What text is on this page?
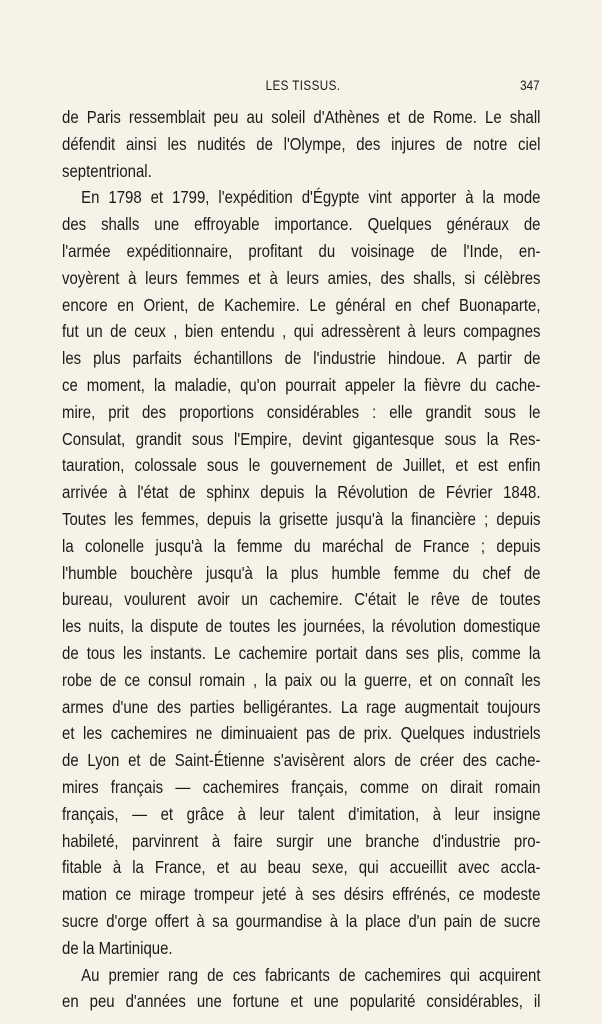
LES TISSUS.	347
de Paris ressemblait peu au soleil d'Athènes et de Rome. Le shall
défendit ainsi les nudités de l'Olympe, des injures de notre ciel
septentrional.
En 1798 et 1799, l'expédition d'Égypte vint apporter à la mode
des shalls une effroyable importance. Quelques généraux de
l'armée expéditionnaire, profitant du voisinage de l'Inde, en-
voyèrent à leurs femmes et à leurs amies, des shalls, si célèbres
encore en Orient, de Kachemire. Le général en chef Buonaparte,
fut un de ceux , bien entendu , qui adressèrent à leurs compagnes
les plus parfaits échantillons de l'industrie hindoue. A partir de
ce moment, la maladie, qu'on pourrait appeler la fièvre du cache-
mire, prit des proportions considérables : elle grandit sous le
Consulat, grandit sous l'Empire, devint gigantesque sous la Res-
tauration, colossale sous le gouvernement de Juillet, et est enfin
arrivée à l'état de sphinx depuis la Révolution de Février 1848.
Toutes les femmes, depuis la grisette jusqu'à la financière ; depuis
la colonelle jusqu'à la femme du maréchal de France ; depuis
l'humble bouchère jusqu'à la plus humble femme du chef de
bureau, voulurent avoir un cachemire. C'était le rêve de toutes
les nuits, la dispute de toutes les journées, la révolution domestique
de tous les instants. Le cachemire portait dans ses plis, comme la
robe de ce consul romain , la paix ou la guerre, et on connaît les
armes d'une des parties belligérantes. La rage augmentait toujours
et les cachemires ne diminuaient pas de prix. Quelques industriels
de Lyon et de Saint-Étienne s'avisèrent alors de créer des cache-
mires français — cachemires français, comme on dirait romain
français, — et grâce à leur talent d'imitation, à leur insigne
habileté, parvinrent à faire surgir une branche d'industrie pro-
fitable à la France, et au beau sexe, qui accueillit avec accla-
mation ce mirage trompeur jeté à ses désirs effrénés, ce modeste
sucre d'orge offert à sa gourmandise à la place d'un pain de sucre
de la Martinique.
Au premier rang de ces fabricants de cachemires qui acquirent
en peu d'années une fortune et une popularité considérables, il
